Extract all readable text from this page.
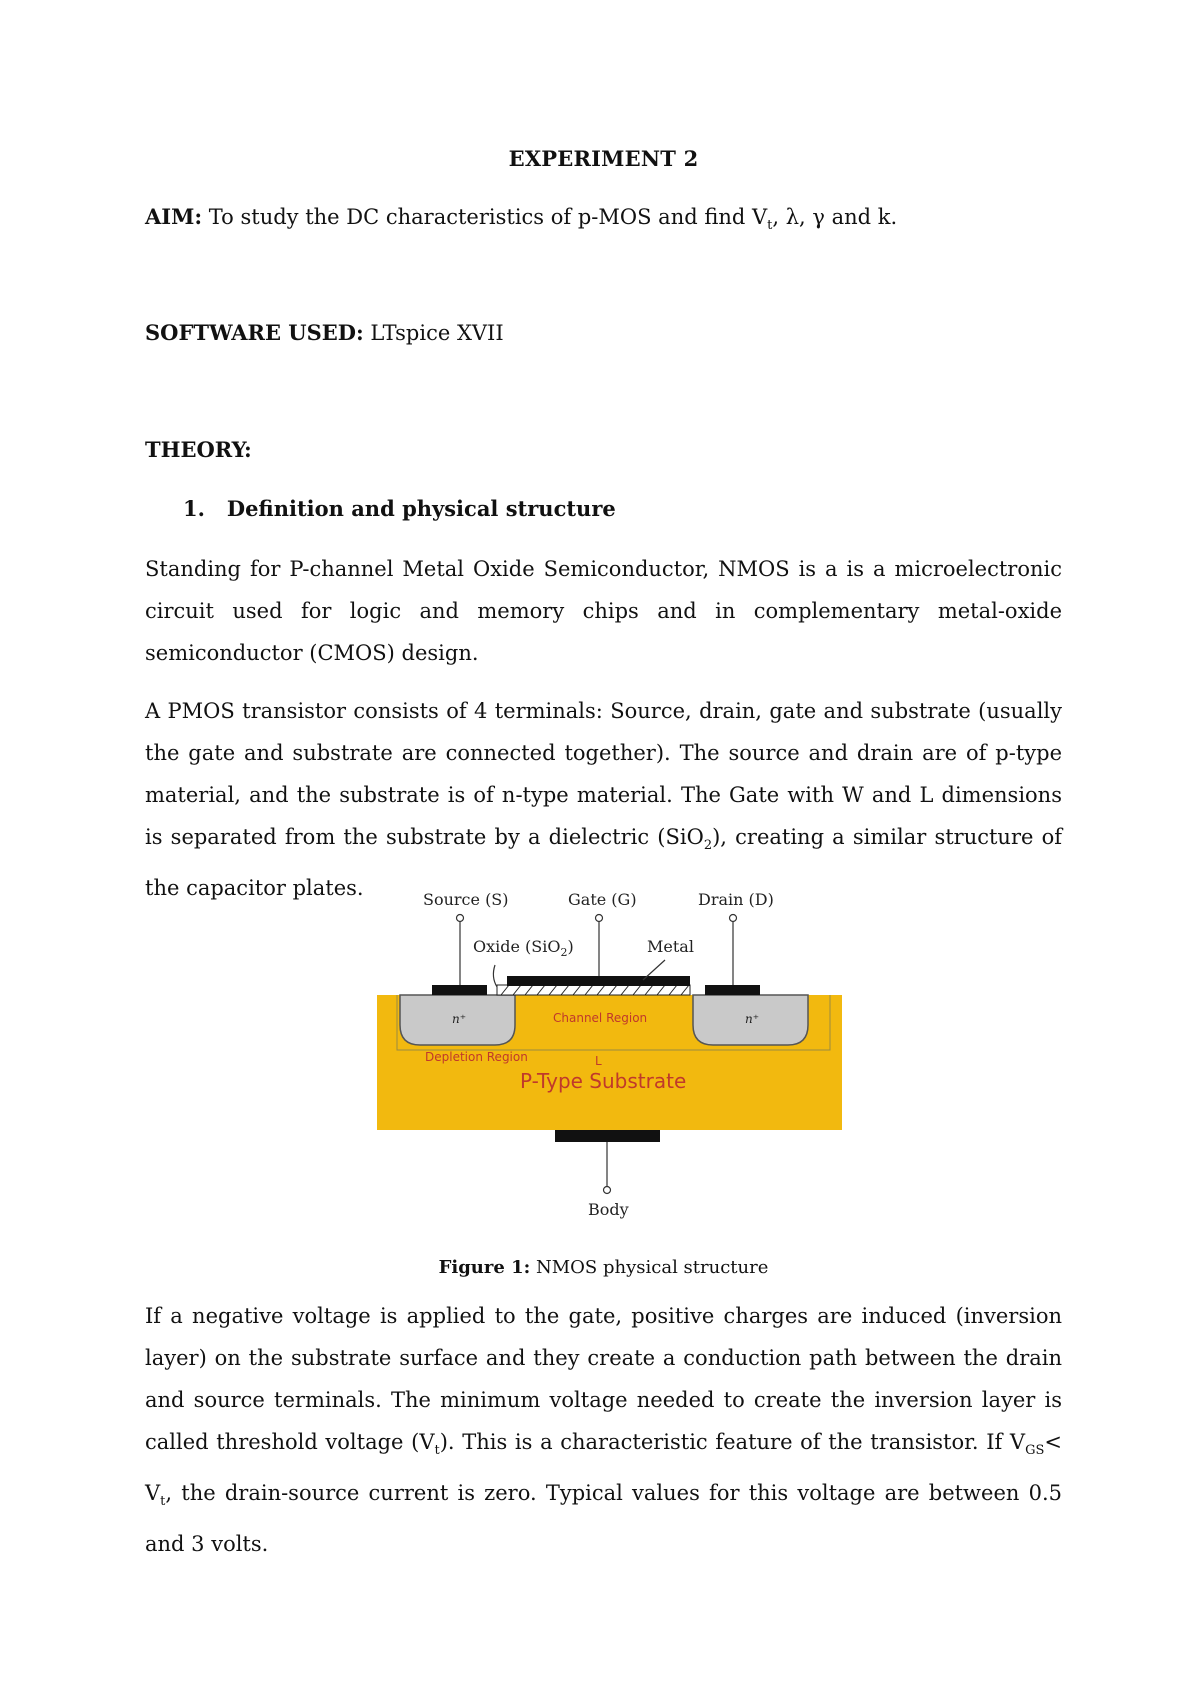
EXPERIMENT 2
AIM: To study the DC characteristics of p-MOS and find $V_t$, λ, γ and k.
SOFTWARE USED: LTspice XVII
THEORY:
1.   Definition and physical structure
Standing for P-channel Metal Oxide Semiconductor, NMOS is a is a microelectronic circuit used for logic and memory chips and in complementary metal-oxide semiconductor (CMOS) design.
A PMOS transistor consists of 4 terminals: Source, drain, gate and substrate (usually the gate and substrate are connected together). The source and drain are of p-type material, and the substrate is of n-type material. The Gate with W and L dimensions is separated from the substrate by a dielectric (SiO$_2$), creating a similar structure of the capacitor plates.	Source (S)	Gate (G)	Drain (D)
Oxide (SiO$_2$)	Metal
n⁺	n⁺
Channel Region
Depletion Region	L
P-Type Substrate
Body
Figure 1: NMOS physical structure
If a negative voltage is applied to the gate, positive charges are induced (inversion layer) on the substrate surface and they create a conduction path between the drain and source terminals. The minimum voltage needed to create the inversion layer is called threshold voltage $(V_t)$. This is a characteristic feature of the transistor. If $V_{GS}< V_t$, the drain-source current is zero. Typical values for this voltage are between 0.5 and 3 volts.
